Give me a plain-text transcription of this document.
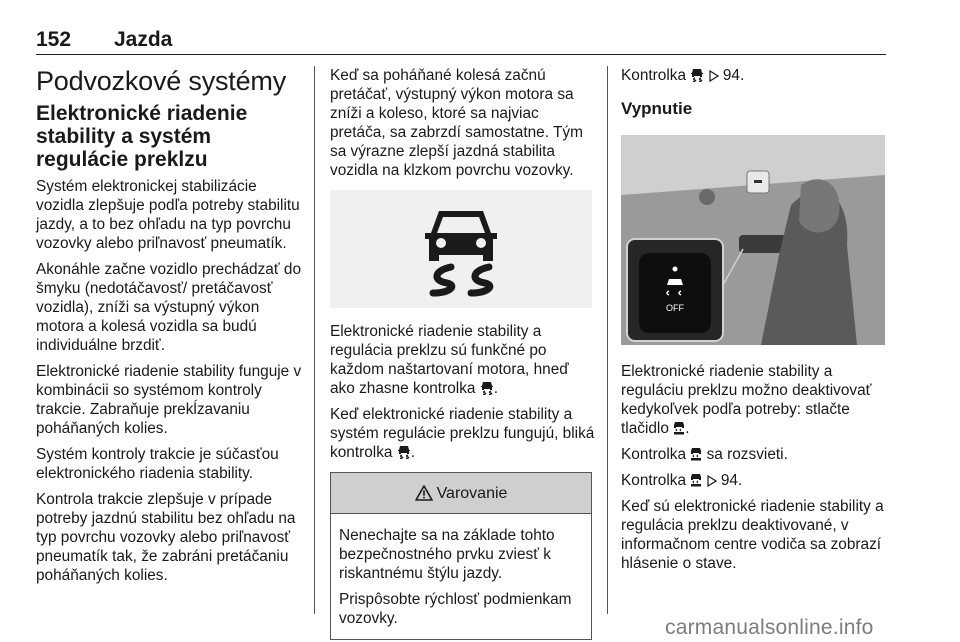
152 Jazda
Podvozkové systémy
Elektronické riadenie stability a systém regulácie preklzu

Systém elektronickej stabilizácie vozidla zlepšuje podľa potreby stabilitu jazdy, a to bez ohľadu na typ povrchu vozovky alebo priľnavosť pneumatík.

Akonáhle začne vozidlo prechádzať do šmyku (nedotáčavosť/ pretáčavosť vozidla), zníži sa výstupný výkon motora a kolesá vozidla sa budú individuálne brzdiť.

Elektronické riadenie stability funguje v kombinácii so systémom kontroly trakcie. Zabraňuje prekĺzavaniu poháňaných kolies.

Systém kontroly trakcie je súčasťou elektronického riadenia stability.

Kontrola trakcie zlepšuje v prípade potreby jazdnú stabilitu bez ohľadu na typ povrchu vozovky alebo priľnavosť pneumatík tak, že zabráni pretáčaniu poháňaných kolies.

Keď sa poháňané kolesá začnú pretáčať, výstupný výkon motora sa zníži a koleso, ktoré sa najviac pretáča, sa zabrzdí samostatne. Tým sa výrazne zlepší jazdná stabilita vozidla na klzkom povrchu vozovky.

Elektronické riadenie stability a regulácia preklzu sú funkčné po každom naštartovaní motora, hneď ako zhasne kontrolka .

Keď elektronické riadenie stability a systém regulácie preklzu fungujú, bliká kontrolka .

Varovanie

Nenechajte sa na základe tohto bezpečnostného prvku zviesť k riskantnému štýlu jazdy.

Prispôsobte rýchlosť podmienkam vozovky.

Kontrolka 94.

Vypnutie
OFF

Elektronické riadenie stability a reguláciu preklzu možno deaktivovať kedykoľvek podľa potreby: stlačte tlačidlo .

Kontrolka sa rozsvieti.

Kontrolka 94.

Keď sú elektronické riadenie stability a regulácia preklzu deaktivované, v informačnom centre vodiča sa zobrazí hlásenie o stave.

carmanualsonline.info
